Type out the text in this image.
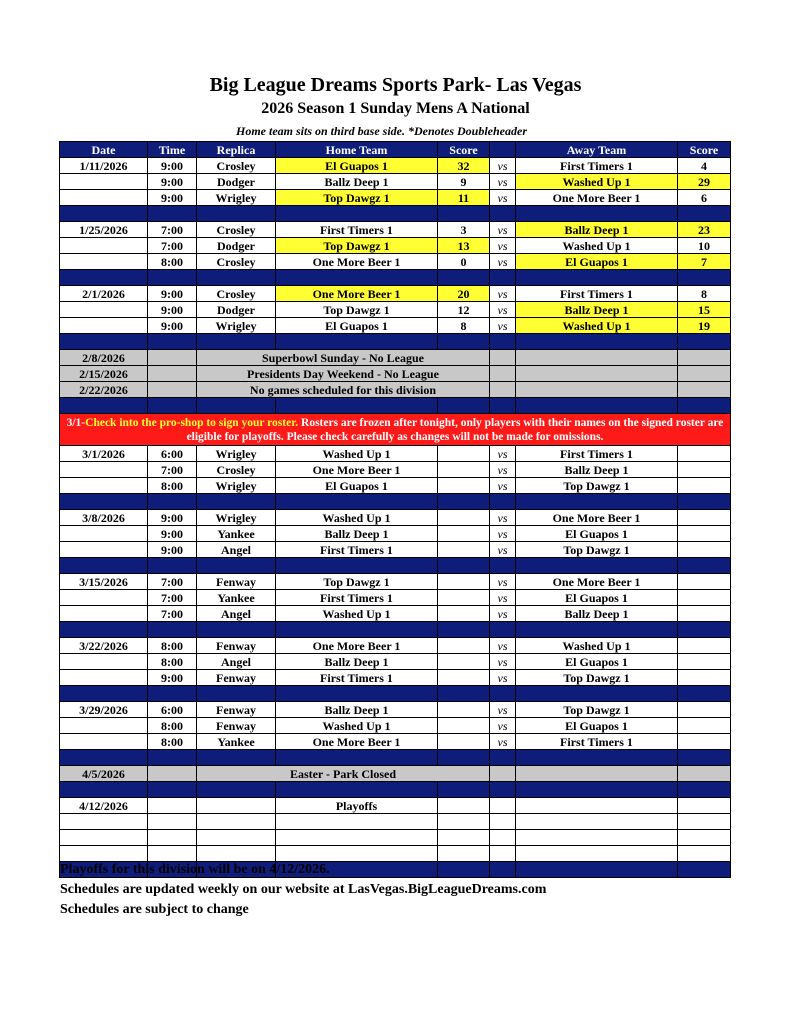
Big League Dreams Sports Park- Las Vegas
2026 Season 1 Sunday Mens A National
Home team sits on third base side. *Denotes Doubleheader
Date	Time	Replica	Home Team	Score		Away Team	Score
1/11/2026	9:00	Crosley	El Guapos 1	32	vs	First Timers 1	4
	9:00	Dodger	Ballz Deep 1	9	vs	Washed Up 1	29
	9:00	Wrigley	Top Dawgz 1	11	vs	One More Beer 1	6

1/25/2026	7:00	Crosley	First Timers 1	3	vs	Ballz Deep 1	23
	7:00	Dodger	Top Dawgz 1	13	vs	Washed Up 1	10
	8:00	Crosley	One More Beer 1	0	vs	El Guapos 1	7

2/1/2026	9:00	Crosley	One More Beer 1	20	vs	First Timers 1	8
	9:00	Dodger	Top Dawgz 1	12	vs	Ballz Deep 1	15
	9:00	Wrigley	El Guapos 1	8	vs	Washed Up 1	19

2/8/2026		Superbowl Sunday - No League					
2/15/2026		Presidents Day Weekend - No League					
2/22/2026		No games scheduled for this division					

3/1-Check into the pro-shop to sign your roster. Rosters are frozen after tonight, only players with their names on the signed roster are eligible for playoffs. Please check carefully as changes will not be made for omissions.							
3/1/2026	6:00	Wrigley	Washed Up 1		vs	First Timers 1	
	7:00	Crosley	One More Beer 1		vs	Ballz Deep 1	
	8:00	Wrigley	El Guapos 1		vs	Top Dawgz 1	

3/8/2026	9:00	Wrigley	Washed Up 1		vs	One More Beer 1	
	9:00	Yankee	Ballz Deep 1		vs	El Guapos 1	
	9:00	Angel	First Timers 1		vs	Top Dawgz 1	

3/15/2026	7:00	Fenway	Top Dawgz 1		vs	One More Beer 1	
	7:00	Yankee	First Timers 1		vs	El Guapos 1	
	7:00	Angel	Washed Up 1		vs	Ballz Deep 1	

3/22/2026	8:00	Fenway	One More Beer 1		vs	Washed Up 1	
	8:00	Angel	Ballz Deep 1		vs	El Guapos 1	
	9:00	Fenway	First Timers 1		vs	Top Dawgz 1	

3/29/2026	6:00	Fenway	Ballz Deep 1		vs	Top Dawgz 1	
	8:00	Fenway	Washed Up 1		vs	El Guapos 1	
	8:00	Yankee	One More Beer 1		vs	First Timers 1	

4/5/2026		Easter - Park Closed					

4/12/2026			Playoffs				

Playoffs for this division will be on 4/12/2026.
Schedules are updated weekly on our website at LasVegas.BigLeagueDreams.com
Schedules are subject to change
